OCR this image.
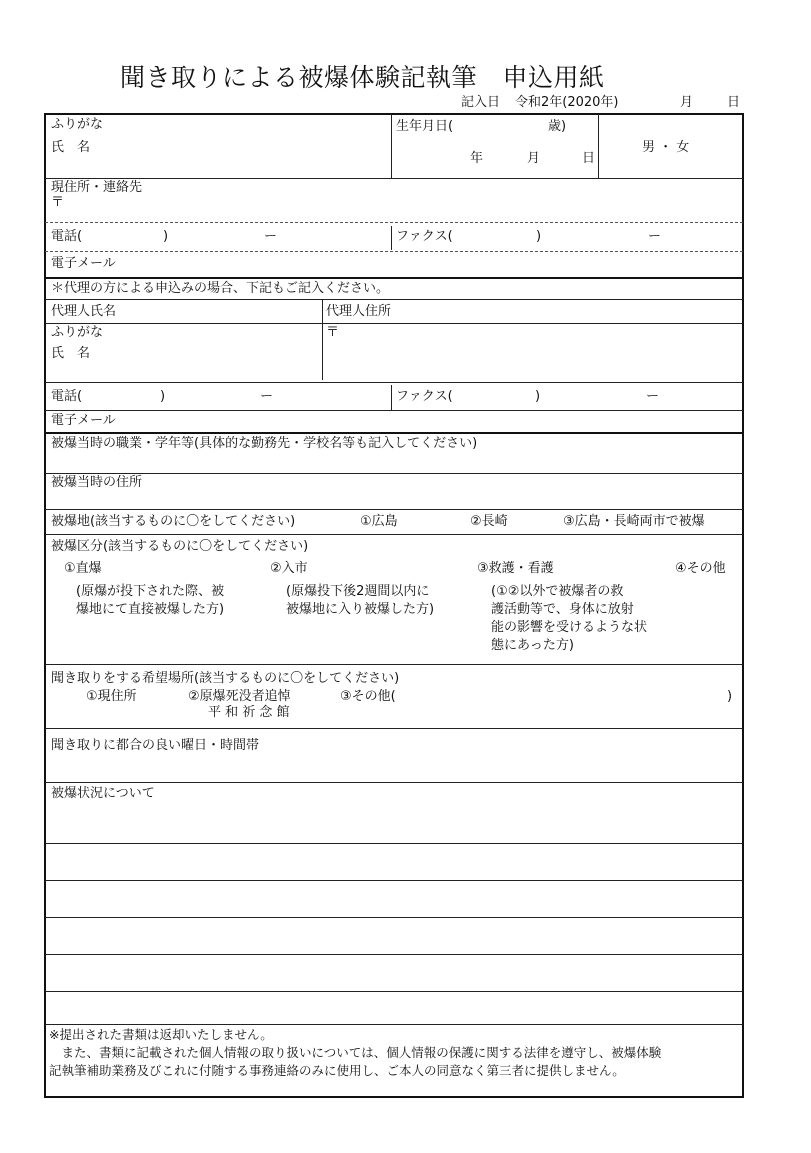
聞き取りによる被爆体験記執筆　申込用紙
記入日 令和2年(2020年)	月	日
ふりがな
氏　名
生年月日(	歳)
年	月	日
男 ・ 女
現住所・連絡先
〒
電話(	)	ー	ファクス(	)	ー
電子メール
＊代理の方による申込みの場合、下記もご記入ください。
代理人氏名	代理人住所
ふりがな	〒
氏　名
電話(	)	ー	ファクス(	)	ー
電子メール
被爆当時の職業・学年等(具体的な勤務先・学校名等も記入してください)
被爆当時の住所
被爆地(該当するものに〇をしてください)	①広島	②長崎	③広島・長崎両市で被爆
被爆区分(該当するものに〇をしてください)
①直爆
(原爆が投下された際、被
爆地にて直接被爆した方)
②入市
(原爆投下後2週間以内に
被爆地に入り被爆した方)
③救護・看護
(①②以外で被爆者の救
護活動等で、身体に放射
能の影響を受けるような状
態にあった方)
④その他
聞き取りをする希望場所(該当するものに〇をしてください)
①現住所	②原爆死没者追悼
平 和 祈 念 館
③その他(	)
聞き取りに都合の良い曜日・時間帯
被爆状況について
※提出された書類は返却いたしません。
　また、書類に記載された個人情報の取り扱いについては、個人情報の保護に関する法律を遵守し、被爆体験
記執筆補助業務及びこれに付随する事務連絡のみに使用し、ご本人の同意なく第三者に提供しません。
